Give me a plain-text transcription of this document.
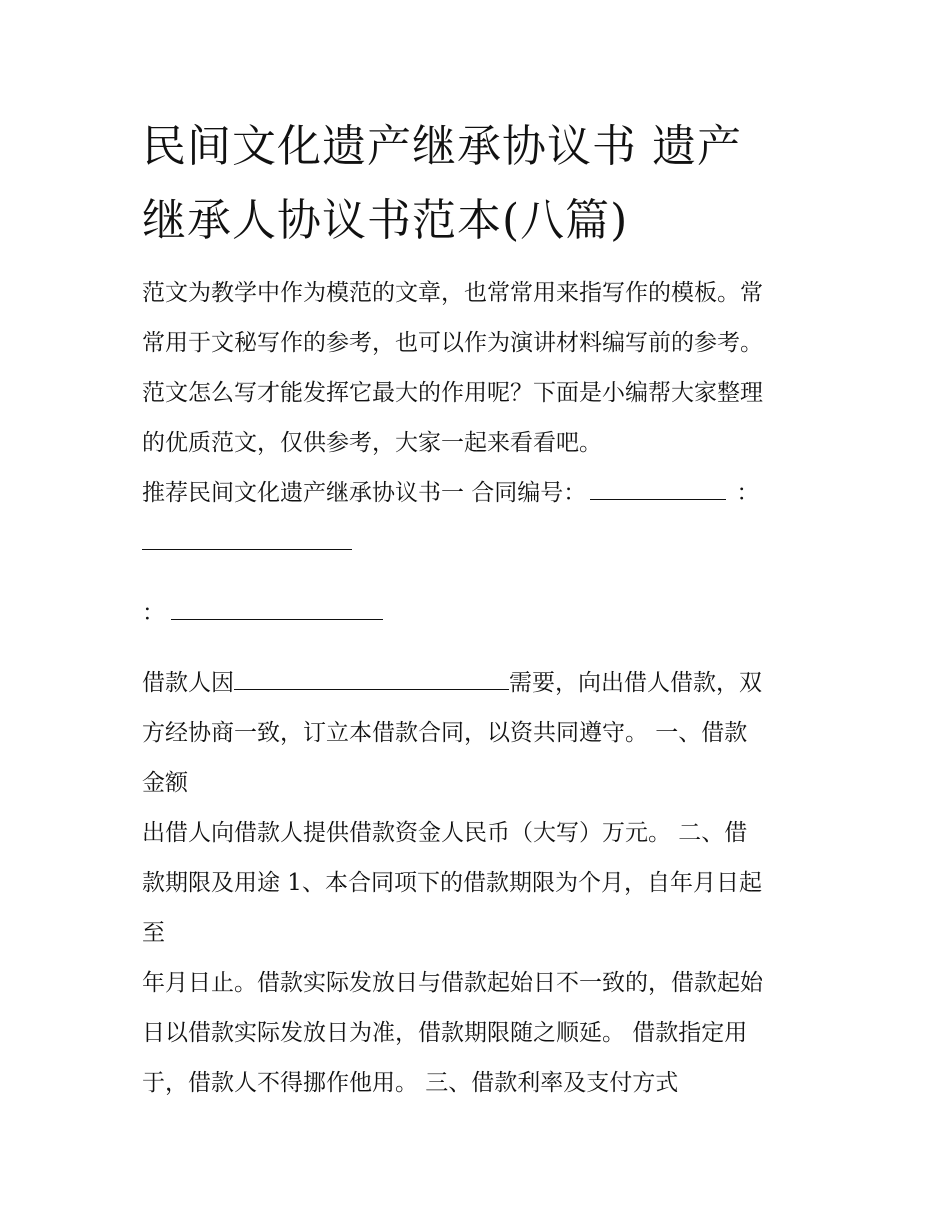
民间文化遗产继承协议书 遗产
继承人协议书范本(八篇)

范文为教学中作为模范的文章，也常常用来指写作的模板。常

常用于文秘写作的参考，也可以作为演讲材料编写前的参考。

范文怎么写才能发挥它最大的作用呢？下面是小编帮大家整理

的优质范文，仅供参考，大家一起来看看吧。

推荐民间文化遗产继承协议书一 合同编号：	：

：

借款人因	需要，向出借人借款，双

方经协商一致，订立本借款合同，以资共同遵守。 一、借款

金额

出借人向借款人提供借款资金人民币（大写）万元。 二、借

款期限及用途 1、本合同项下的借款期限为个月，自年月日起

至

年月日止。借款实际发放日与借款起始日不一致的，借款起始

日以借款实际发放日为准，借款期限随之顺延。 借款指定用

于，借款人不得挪作他用。 三、借款利率及支付方式
